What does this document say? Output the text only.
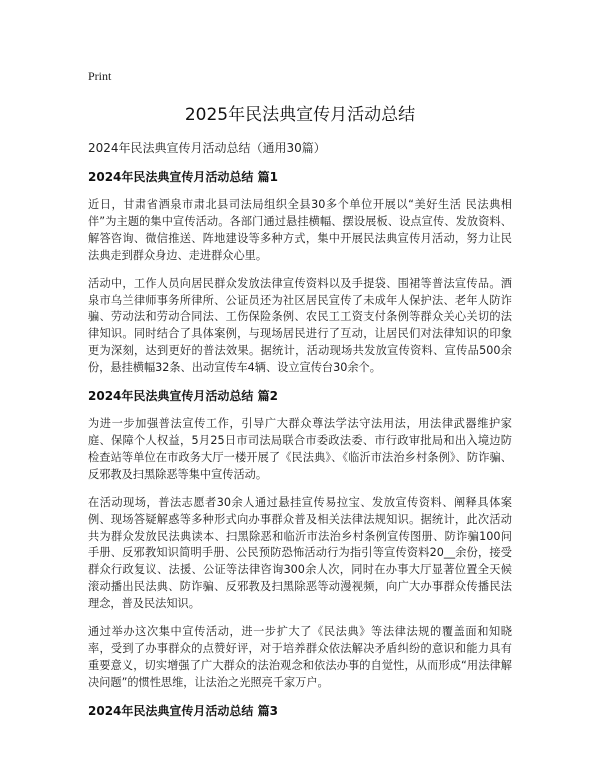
Print
2025年民法典宣传月活动总结
2024年民法典宣传月活动总结（通用30篇）
2024年民法典宣传月活动总结 篇1

近日，甘肃省酒泉市肃北县司法局组织全县30多个单位开展以“美好生活 民法典相伴”为主题的集中宣传活动。各部门通过悬挂横幅、摆设展板、设点宣传、发放资料、解答咨询、微信推送、阵地建设等多种方式，集中开展民法典宣传月活动，努力让民法典走到群众身边、走进群众心里。

活动中，工作人员向居民群众发放法律宣传资料以及手提袋、围裙等普法宣传品。酒泉市乌兰律师事务所律所、公证员还为社区居民宣传了未成年人保护法、老年人防诈骗、劳动法和劳动合同法、工伤保险条例、农民工工资支付条例等群众关心关切的法律知识。同时结合了具体案例，与现场居民进行了互动，让居民们对法律知识的印象更为深刻，达到更好的普法效果。据统计，活动现场共发放宣传资料、宣传品500余份，悬挂横幅32条、出动宣传车4辆、设立宣传台30余个。

2024年民法典宣传月活动总结 篇2

为进一步加强普法宣传工作，引导广大群众尊法学法守法用法，用法律武器维护家庭、保障个人权益，5月25日市司法局联合市委政法委、市行政审批局和出入境边防检查站等单位在市政务大厅一楼开展了《民法典》、《临沂市法治乡村条例》、防诈骗、反邪教及扫黑除恶等集中宣传活动。

在活动现场，普法志愿者30余人通过悬挂宣传易拉宝、发放宣传资料、阐释具体案例、现场答疑解惑等多种形式向办事群众普及相关法律法规知识。据统计，此次活动共为群众发放民法典读本、扫黑除恶和临沂市法治乡村条例宣传图册、防诈骗100问手册、反邪教知识简明手册、公民预防恐怖活动行为指引等宣传资料20__余份，接受群众行政复议、法援、公证等法律咨询300余人次，同时在办事大厅显著位置全天候滚动播出民法典、防诈骗、反邪教及扫黑除恶等动漫视频，向广大办事群众传播民法理念，普及民法知识。

通过举办这次集中宣传活动，进一步扩大了《民法典》等法律法规的覆盖面和知晓率，受到了办事群众的点赞好评，对于培养群众依法解决矛盾纠纷的意识和能力具有重要意义，切实增强了广大群众的法治观念和依法办事的自觉性，从而形成“用法律解决问题”的惯性思维，让法治之光照亮千家万户。

2024年民法典宣传月活动总结 篇3
